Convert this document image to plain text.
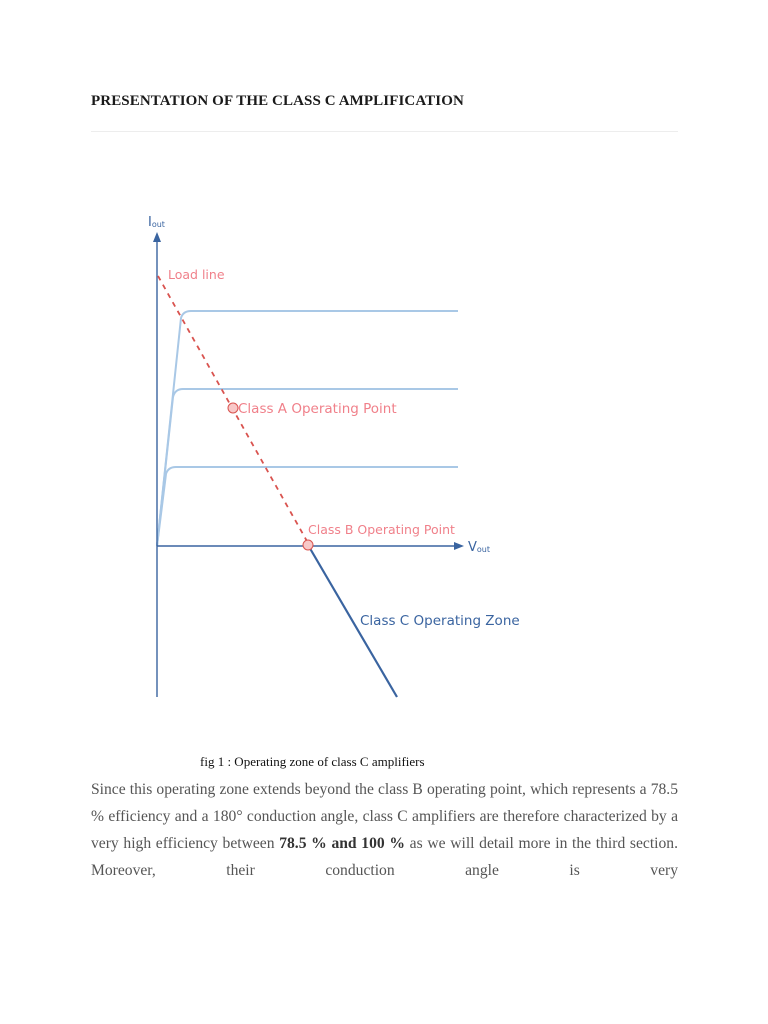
PRESENTATION OF THE CLASS C AMPLIFICATION
Iout
Vout
Load line
Class C Operating Zone
Class A Operating Point
Class B Operating Point
fig 1 : Operating zone of class C amplifiers
Since this operating zone extends beyond the class B operating point, which represents a 78.5 % efficiency and a 180° conduction angle, class C amplifiers are therefore characterized by a very high efficiency between 78.5 % and 100 % as we will detail more in the third section. Moreover, their conduction angle is very
